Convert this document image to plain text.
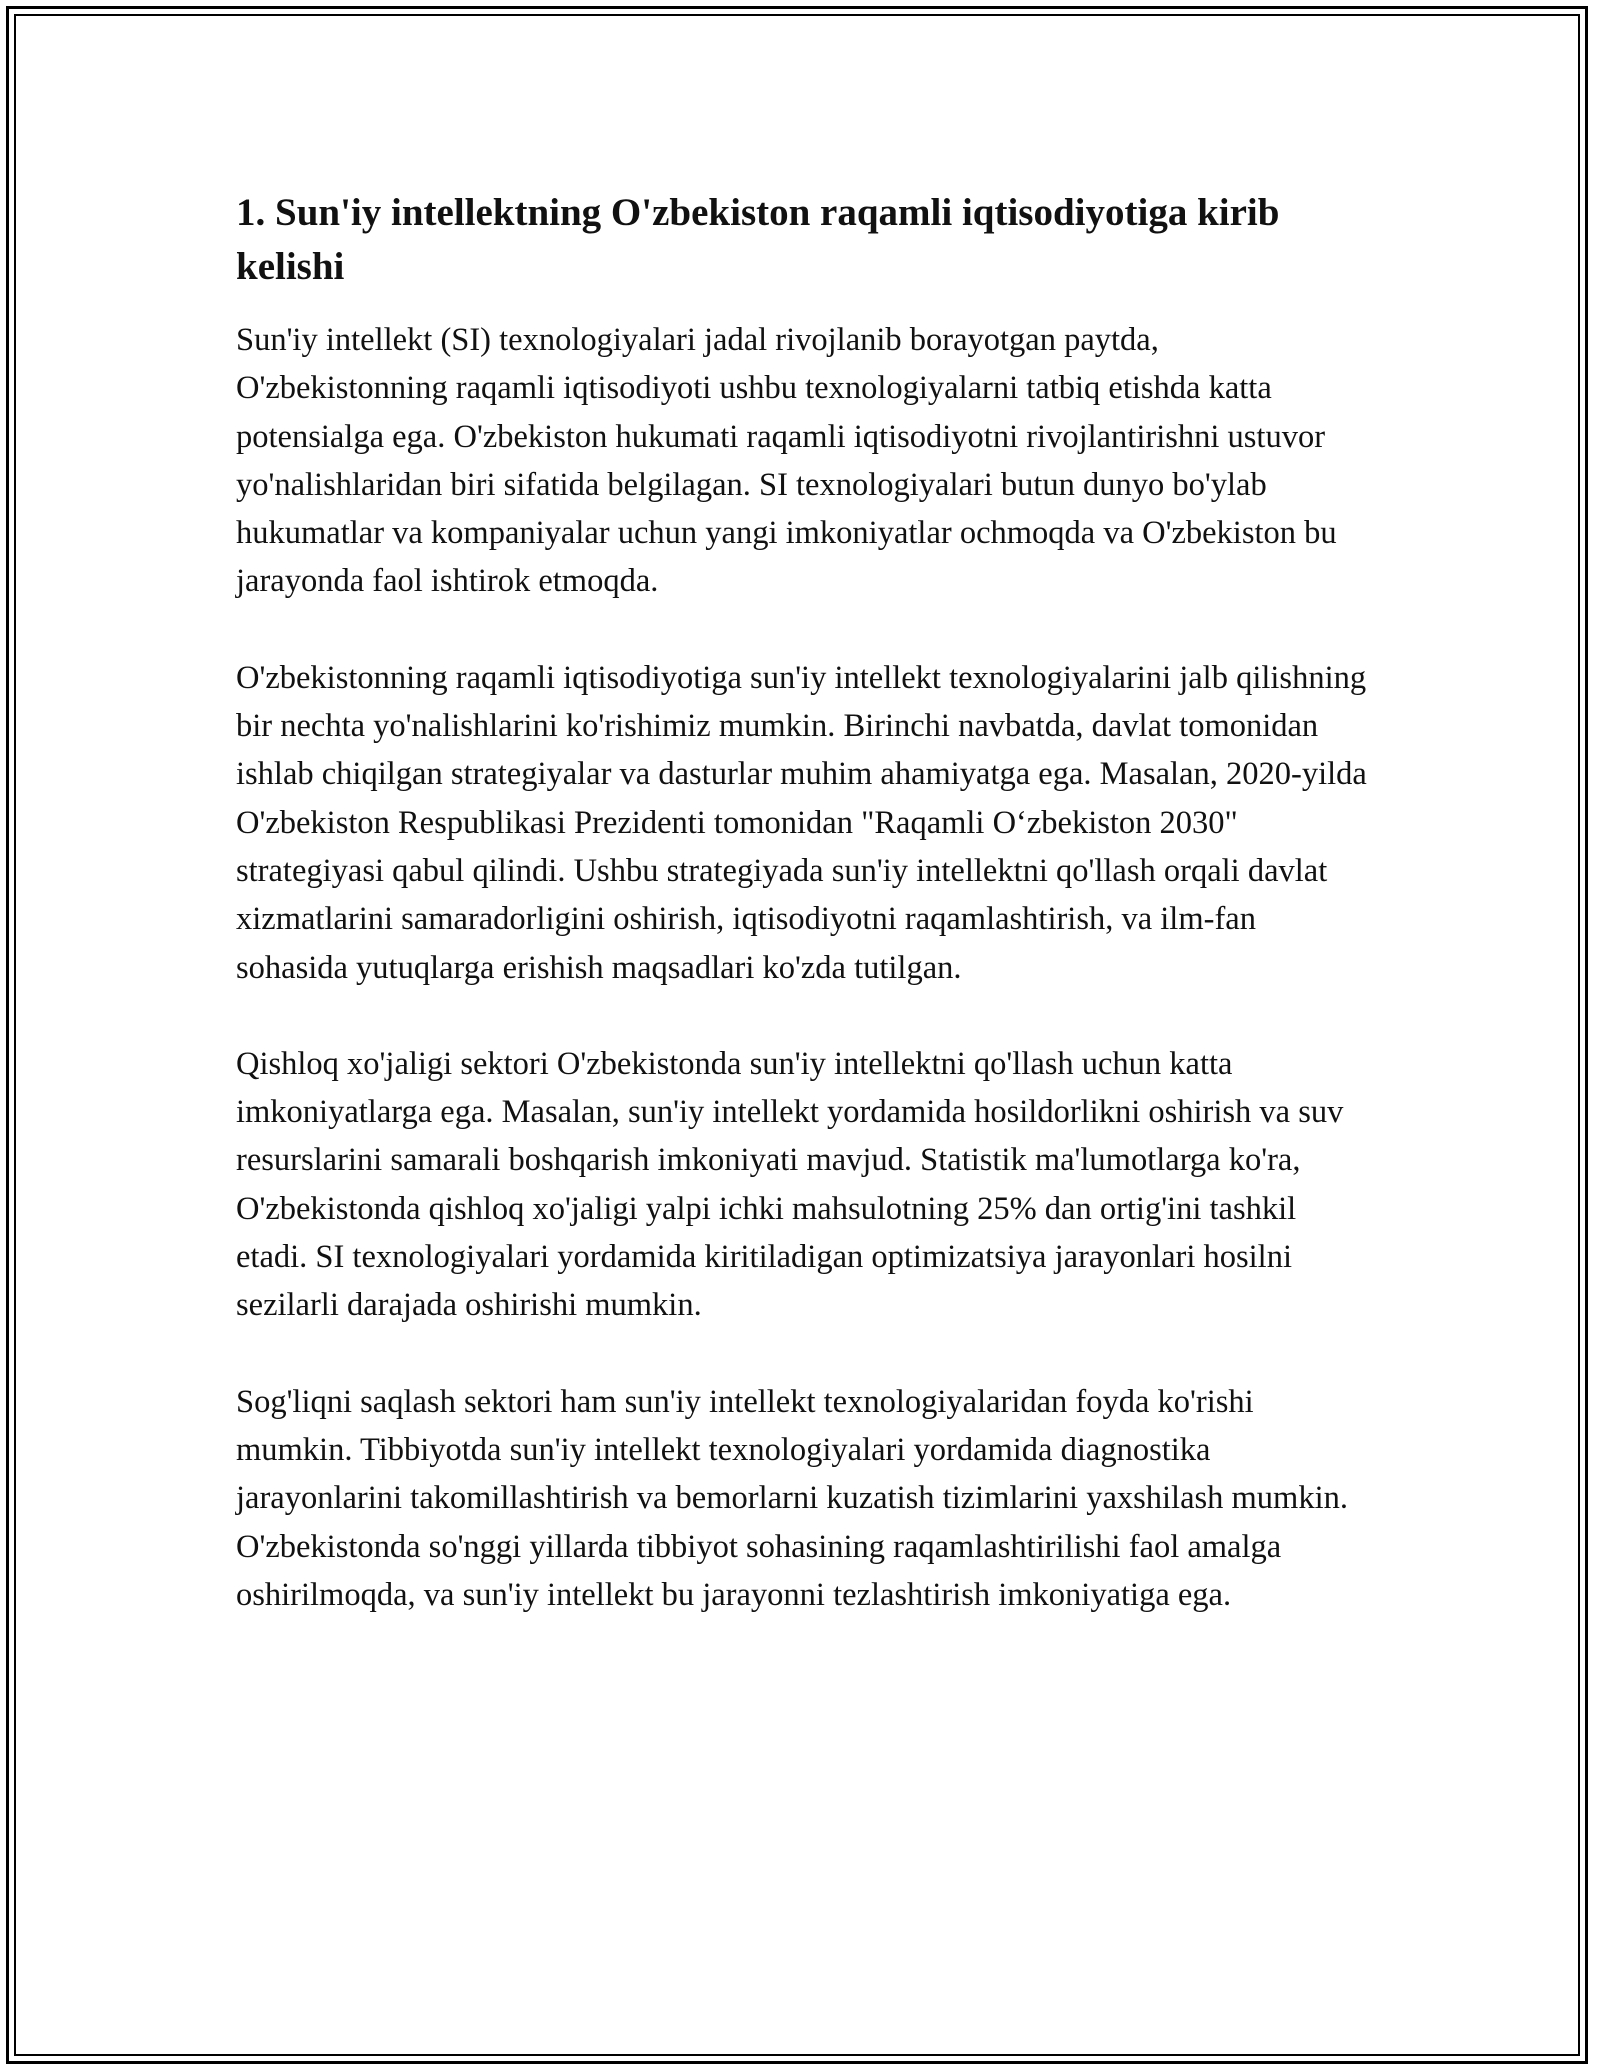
1. Sun'iy intellektning O'zbekiston raqamli iqtisodiyotiga kirib kelishi

Sun'iy intellekt (SI) texnologiyalari jadal rivojlanib borayotgan paytda, O'zbekistonning raqamli iqtisodiyoti ushbu texnologiyalarni tatbiq etishda katta potensialga ega. O'zbekiston hukumati raqamli iqtisodiyotni rivojlantirishni ustuvor yo'nalishlaridan biri sifatida belgilagan. SI texnologiyalari butun dunyo bo'ylab hukumatlar va kompaniyalar uchun yangi imkoniyatlar ochmoqda va O'zbekiston bu jarayonda faol ishtirok etmoqda.

O'zbekistonning raqamli iqtisodiyotiga sun'iy intellekt texnologiyalarini jalb qilishning bir nechta yo'nalishlarini ko'rishimiz mumkin. Birinchi navbatda, davlat tomonidan ishlab chiqilgan strategiyalar va dasturlar muhim ahamiyatga ega. Masalan, 2020-yilda O'zbekiston Respublikasi Prezidenti tomonidan "Raqamli O‘zbekiston 2030" strategiyasi qabul qilindi. Ushbu strategiyada sun'iy intellektni qo'llash orqali davlat xizmatlarini samaradorligini oshirish, iqtisodiyotni raqamlashtirish, va ilm-fan sohasida yutuqlarga erishish maqsadlari ko'zda tutilgan.

Qishloq xo'jaligi sektori O'zbekistonda sun'iy intellektni qo'llash uchun katta imkoniyatlarga ega. Masalan, sun'iy intellekt yordamida hosildorlikni oshirish va suv resurslarini samarali boshqarish imkoniyati mavjud. Statistik ma'lumotlarga ko'ra, O'zbekistonda qishloq xo'jaligi yalpi ichki mahsulotning 25% dan ortig'ini tashkil etadi. SI texnologiyalari yordamida kiritiladigan optimizatsiya jarayonlari hosilni sezilarli darajada oshirishi mumkin.

Sog'liqni saqlash sektori ham sun'iy intellekt texnologiyalaridan foyda ko'rishi mumkin. Tibbiyotda sun'iy intellekt texnologiyalari yordamida diagnostika jarayonlarini takomillashtirish va bemorlarni kuzatish tizimlarini yaxshilash mumkin. O'zbekistonda so'nggi yillarda tibbiyot sohasining raqamlashtirilishi faol amalga oshirilmoqda, va sun'iy intellekt bu jarayonni tezlashtirish imkoniyatiga ega.
